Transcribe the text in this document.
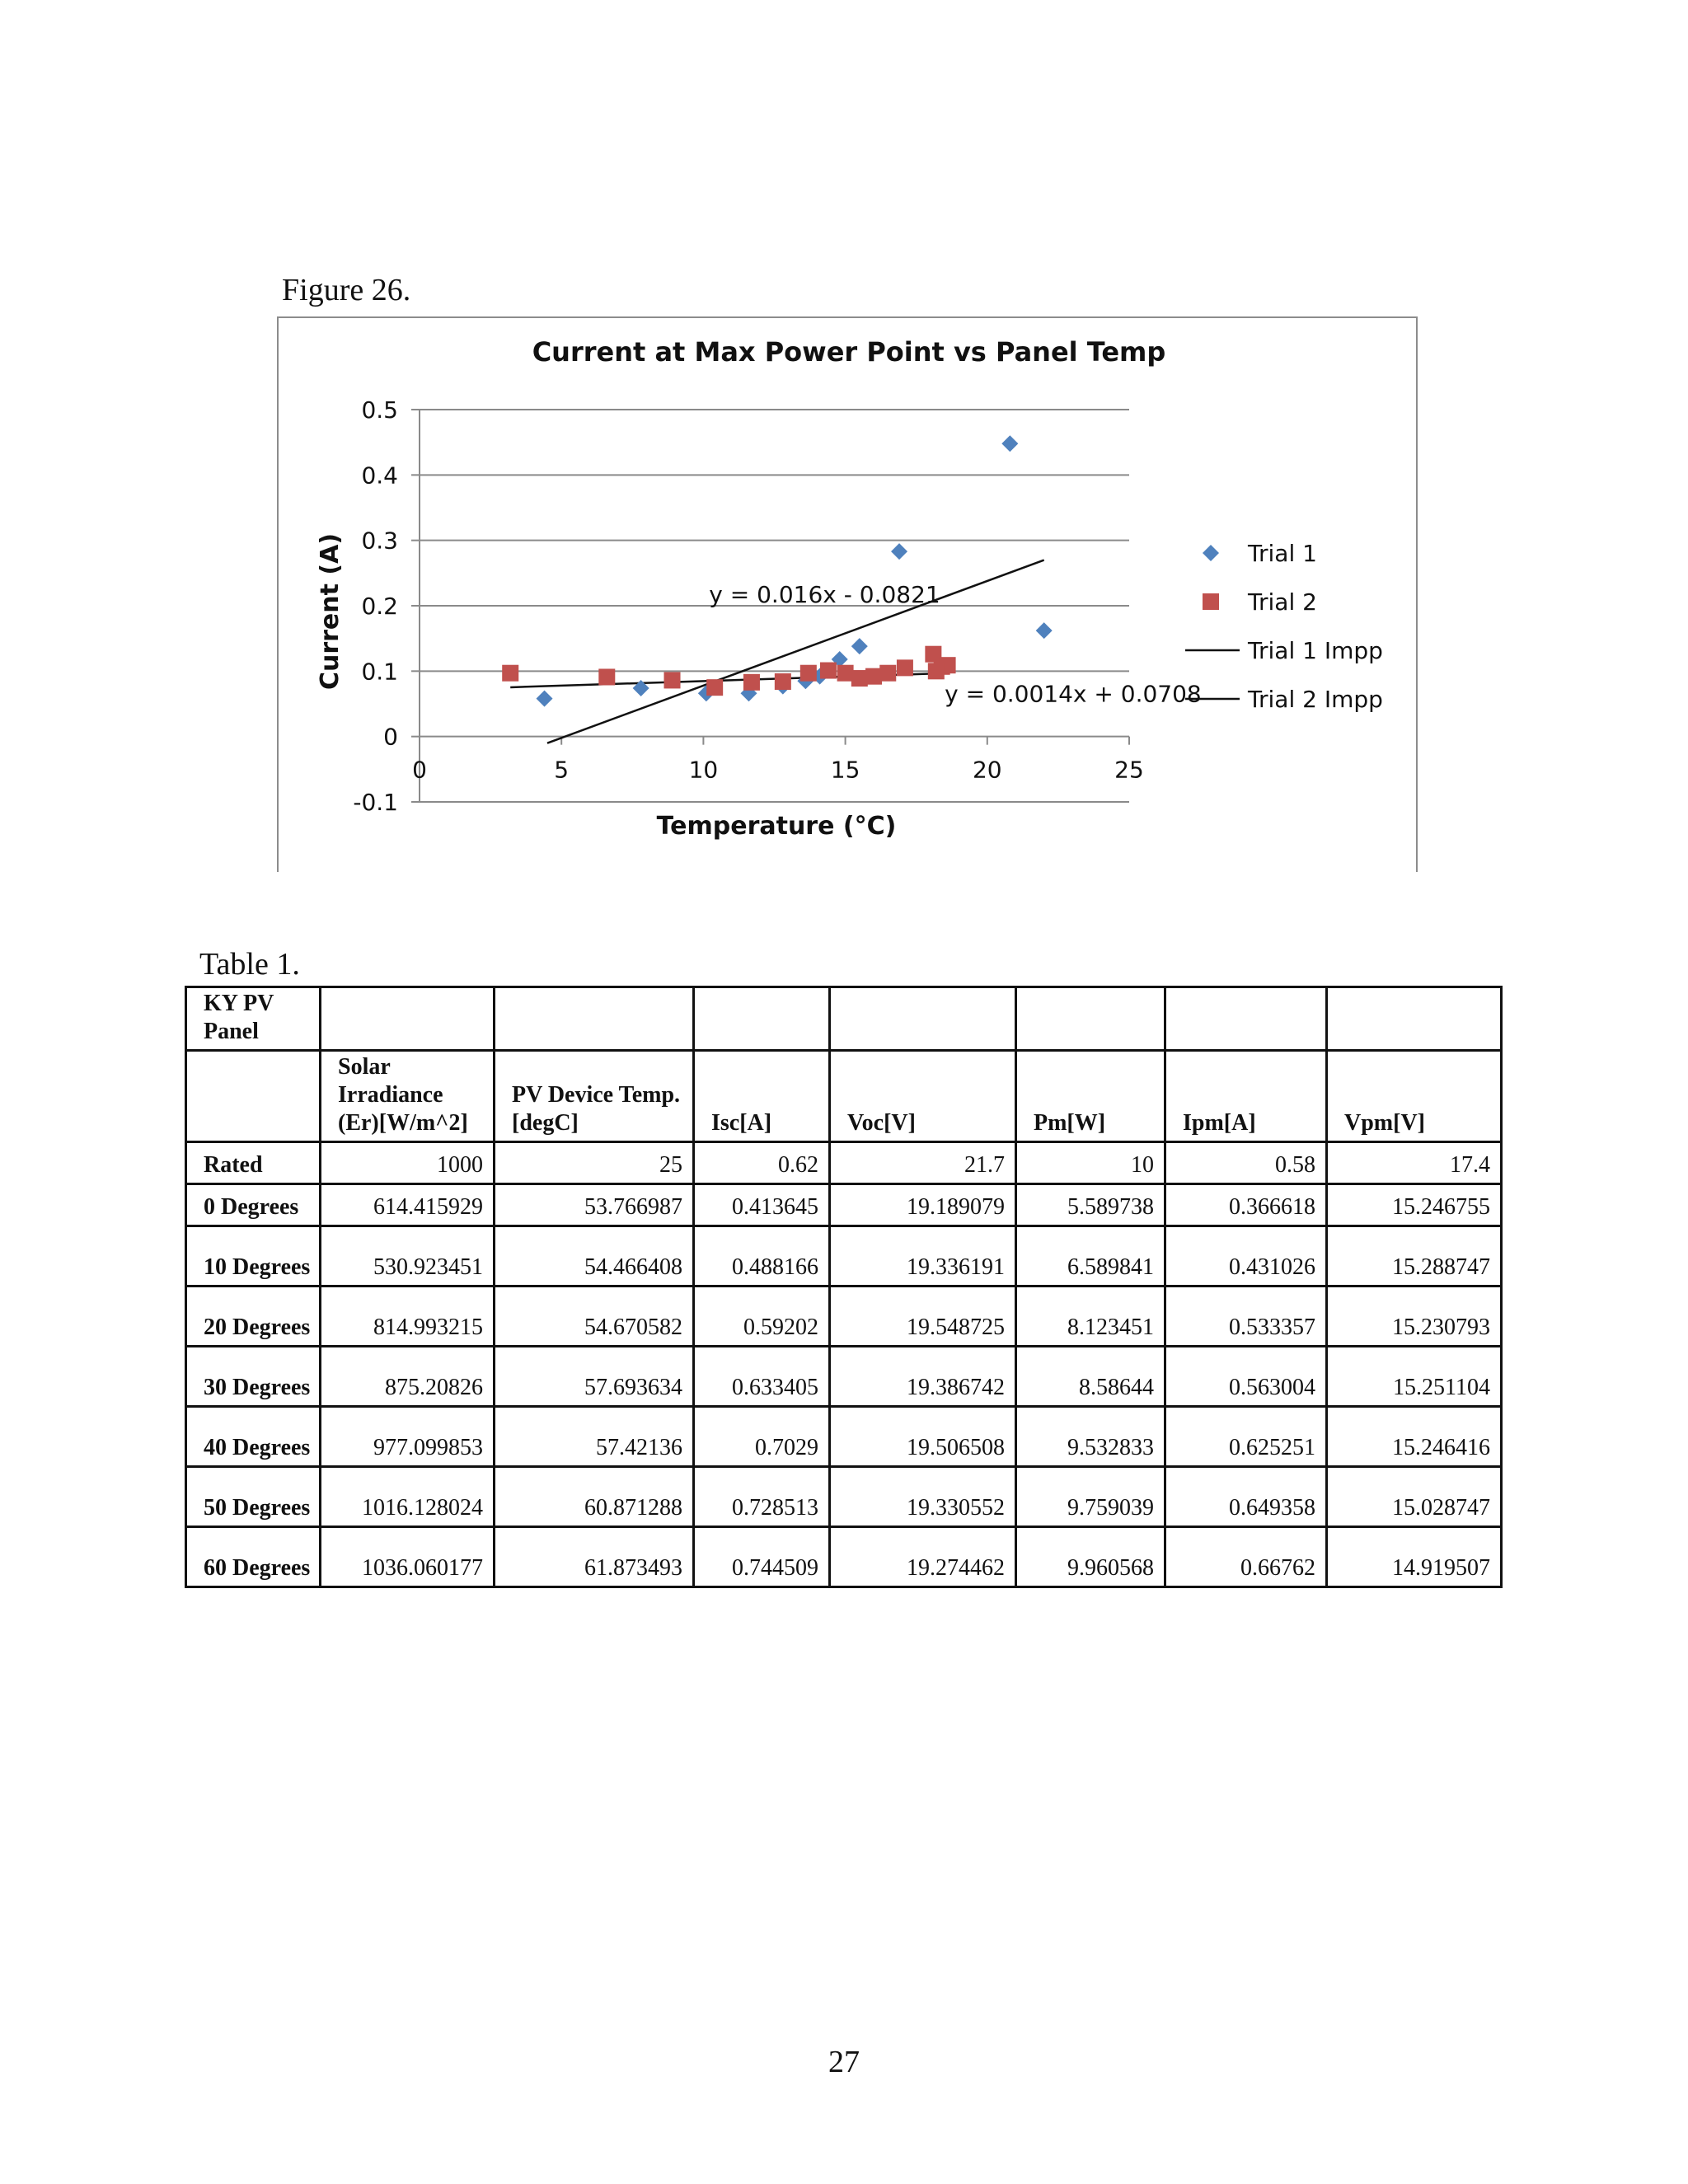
Figure 26.
Current at Max Power Point vs Panel Temp
0.5
0.4
0.3
0.2
0.1
0
-0.1
0	5	10	15	20	25
y = 0.016x - 0.0821
y = 0.0014x + 0.0708
Temperature (°C)
Current (A)	Trial 1
Trial 2
Trial 1 Impp
Trial 2 Impp
Table 1.
KY PV Panel							
	Solar Irradiance (Er)[W/m^2]	PV Device Temp.[degC]	Isc[A]	Voc[V]	Pm[W]	Ipm[A]	Vpm[V]
Rated	1000	25	0.62	21.7	10	0.58	17.4
0 Degrees	614.415929	53.766987	0.413645	19.189079	5.589738	0.366618	15.246755
10 Degrees	530.923451	54.466408	0.488166	19.336191	6.589841	0.431026	15.288747
20 Degrees	814.993215	54.670582	0.59202	19.548725	8.123451	0.533357	15.230793
30 Degrees	875.20826	57.693634	0.633405	19.386742	8.58644	0.563004	15.251104
40 Degrees	977.099853	57.42136	0.7029	19.506508	9.532833	0.625251	15.246416
50 Degrees	1016.128024	60.871288	0.728513	19.330552	9.759039	0.649358	15.028747
60 Degrees	1036.060177	61.873493	0.744509	19.274462	9.960568	0.66762	14.919507
27
